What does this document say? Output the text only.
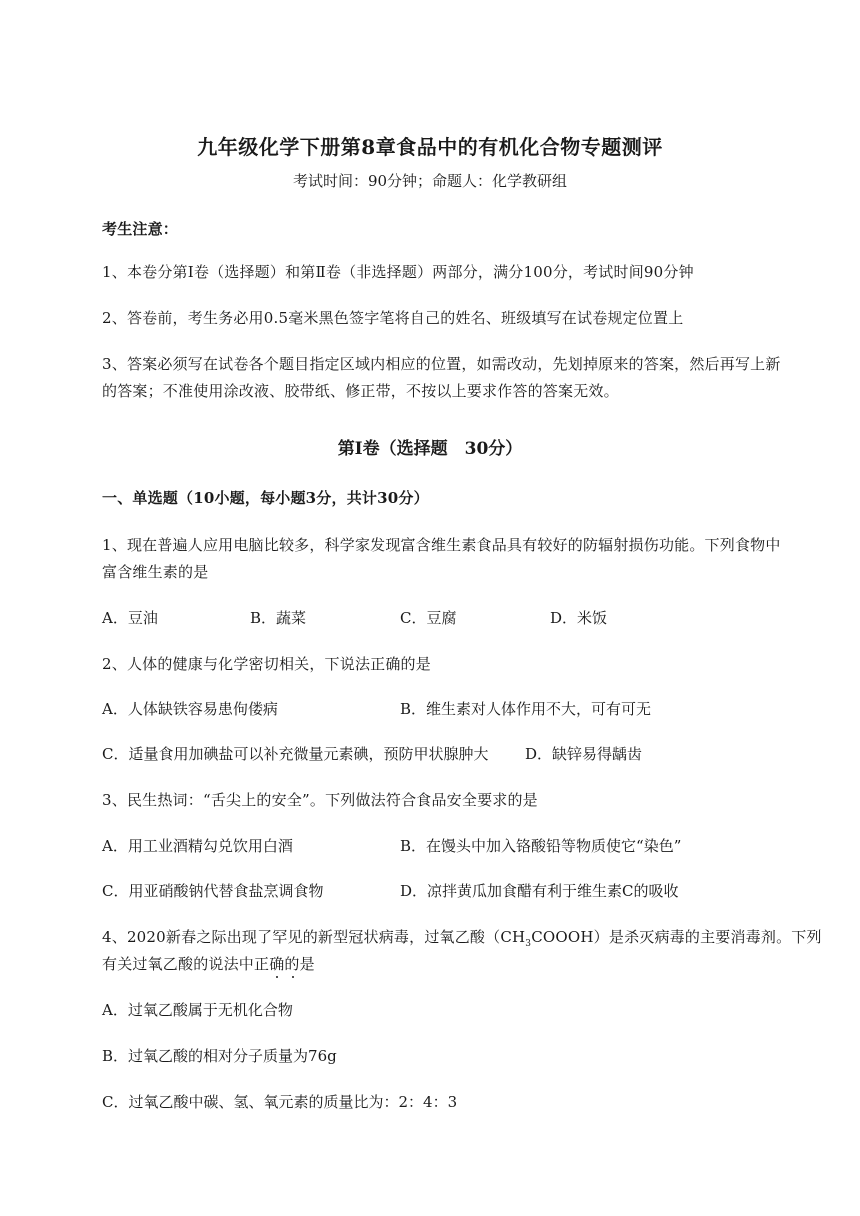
九年级化学下册第8章食品中的有机化合物专题测评
考试时间：90分钟；命题人：化学教研组
考生注意：
1、本卷分第Ⅰ卷（选择题）和第Ⅱ卷（非选择题）两部分，满分100分，考试时间90分钟
2、答卷前，考生务必用0.5毫米黑色签字笔将自己的姓名、班级填写在试卷规定位置上
3、答案必须写在试卷各个题目指定区域内相应的位置，如需改动，先划掉原来的答案，然后再写上新
的答案；不准使用涂改液、胶带纸、修正带，不按以上要求作答的答案无效。
第Ⅰ卷（选择题　30分）
一、单选题（10小题，每小题3分，共计30分）
1、现在普遍人应用电脑比较多，科学家发现富含维生素食品具有较好的防辐射损伤功能。下列食物中
富含维生素的是
A．豆油	B．蔬菜	C．豆腐	D．米饭
2、人体的健康与化学密切相关，下说法正确的是
A．人体缺铁容易患佝偻病	B．维生素对人体作用不大，可有可无
C．适量食用加碘盐可以补充微量元素碘，预防甲状腺肿大 D．缺锌易得龋齿
3、民生热词：“舌尖上的安全”。下列做法符合食品安全要求的是
A．用工业酒精勾兑饮用白酒	B．在馒头中加入铬酸铅等物质使它“染色”
C．用亚硝酸钠代替食盐烹调食物	D．凉拌黄瓜加食醋有利于维生素C的吸收
4、2020新春之际出现了罕见的新型冠状病毒，过氧乙酸$(CH_3COOOH)$是杀灭病毒的主要消毒剂。下列
有关过氧乙酸的说法中正确的是
A．过氧乙酸属于无机化合物
B．过氧乙酸的相对分子质量为76g
C．过氧乙酸中碳、氢、氧元素的质量比为：2：4：3
